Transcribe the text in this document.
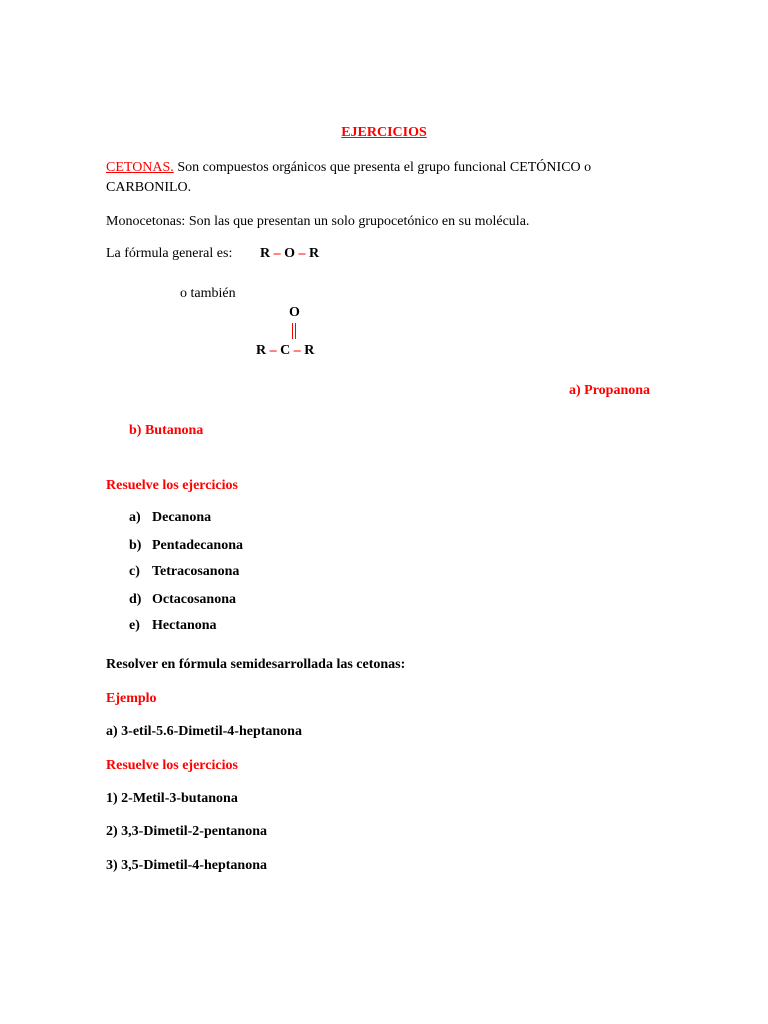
EJERCICIOS
CETONAS. Son compuestos orgánicos que presenta el grupo funcional CETÓNICO o CARBONILO.
Monocetonas: Son las que presentan un solo grupocetónico en su molécula.
La fórmula general es: R – O – R
o también
O
R – C – R
a) Propanona
b) Butanona
Resuelve los ejercicios
a) Decanona
b) Pentadecanona
c) Tetracosanona
d) Octacosanona
e) Hectanona
Resolver en fórmula semidesarrollada las cetonas:
Ejemplo
a) 3-etil-5.6-Dimetil-4-heptanona
Resuelve los ejercicios
1) 2-Metil-3-butanona
2) 3,3-Dimetil-2-pentanona
3) 3,5-Dimetil-4-heptanona
